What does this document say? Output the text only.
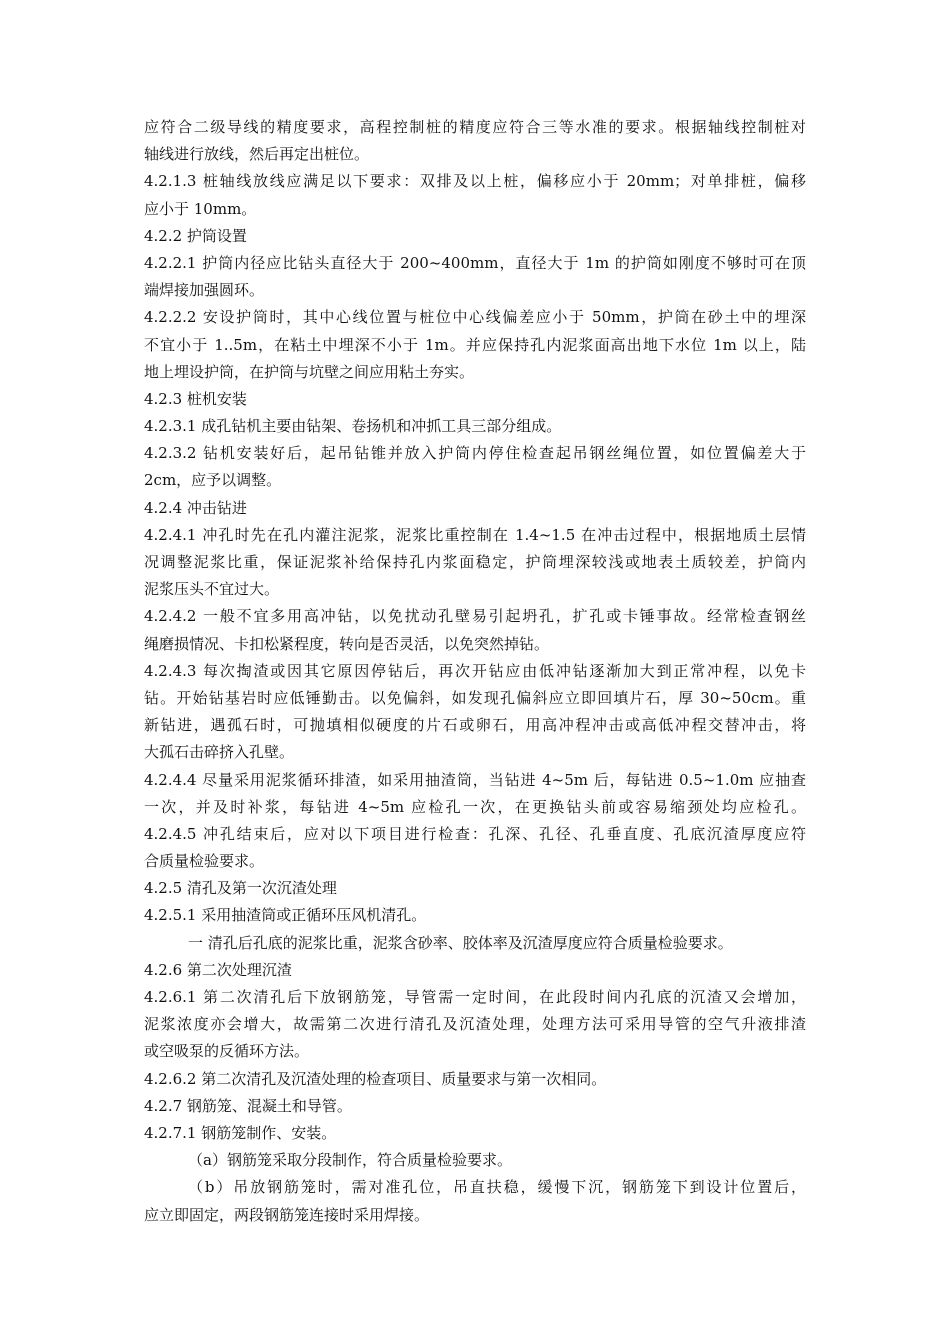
应符合二级导线的精度要求，高程控制桩的精度应符合三等水准的要求。根据轴线控制桩对
轴线进行放线，然后再定出桩位。
4.2.1.3 桩轴线放线应满足以下要求：双排及以上桩，偏移应小于 20mm；对单排桩，偏移
应小于 10mm。
4.2.2 护筒设置
4.2.2.1 护筒内径应比钻头直径大于 200~400mm，直径大于 1m 的护筒如刚度不够时可在顶
端焊接加强圆环。
4.2.2.2 安设护筒时，其中心线位置与桩位中心线偏差应小于 50mm，护筒在砂土中的埋深
不宜小于 1..5m，在粘土中埋深不小于 1m。并应保持孔内泥浆面高出地下水位 1m 以上，陆
地上埋设护筒，在护筒与坑壁之间应用粘土夯实。
4.2.3 桩机安装
4.2.3.1 成孔钻机主要由钻架、卷扬机和冲抓工具三部分组成。
4.2.3.2 钻机安装好后，起吊钻锥并放入护筒内停住检查起吊钢丝绳位置，如位置偏差大于
2cm，应予以调整。
4.2.4 冲击钻进
4.2.4.1 冲孔时先在孔内灌注泥浆，泥浆比重控制在 1.4~1.5 在冲击过程中，根据地质土层情
况调整泥浆比重，保证泥浆补给保持孔内浆面稳定，护筒埋深较浅或地表土质较差，护筒内
泥浆压头不宜过大。
4.2.4.2 一般不宜多用高冲钻，以免扰动孔壁易引起坍孔，扩孔或卡锤事故。经常检查钢丝
绳磨损情况、卡扣松紧程度，转向是否灵活，以免突然掉钻。
4.2.4.3 每次掏渣或因其它原因停钻后，再次开钻应由低冲钻逐渐加大到正常冲程，以免卡
钻。开始钻基岩时应低锤勤击。以免偏斜，如发现孔偏斜应立即回填片石，厚 30~50cm。重
新钻进，遇孤石时，可抛填相似硬度的片石或卵石，用高冲程冲击或高低冲程交替冲击，将
大孤石击碎挤入孔壁。
4.2.4.4 尽量采用泥浆循环排渣，如采用抽渣筒，当钻进 4~5m 后，每钻进 0.5~1.0m 应抽查
一次，并及时补浆，每钻进 4~5m 应检孔一次，在更换钻头前或容易缩颈处均应检孔。
4.2.4.5 冲孔结束后，应对以下项目进行检查：孔深、孔径、孔垂直度、孔底沉渣厚度应符
合质量检验要求。
4.2.5 清孔及第一次沉渣处理
4.2.5.1 采用抽渣筒或正循环压风机清孔。
一 清孔后孔底的泥浆比重，泥浆含砂率、胶体率及沉渣厚度应符合质量检验要求。
4.2.6 第二次处理沉渣
4.2.6.1 第二次清孔后下放钢筋笼，导管需一定时间，在此段时间内孔底的沉渣又会增加，
泥浆浓度亦会增大，故需第二次进行清孔及沉渣处理，处理方法可采用导管的空气升液排渣
或空吸泵的反循环方法。
4.2.6.2 第二次清孔及沉渣处理的检查项目、质量要求与第一次相同。
4.2.7 钢筋笼、混凝土和导管。
4.2.7.1 钢筋笼制作、安装。
（a）钢筋笼采取分段制作，符合质量检验要求。
（b）吊放钢筋笼时，需对准孔位，吊直扶稳，缓慢下沉，钢筋笼下到设计位置后，
应立即固定，两段钢筋笼连接时采用焊接。
